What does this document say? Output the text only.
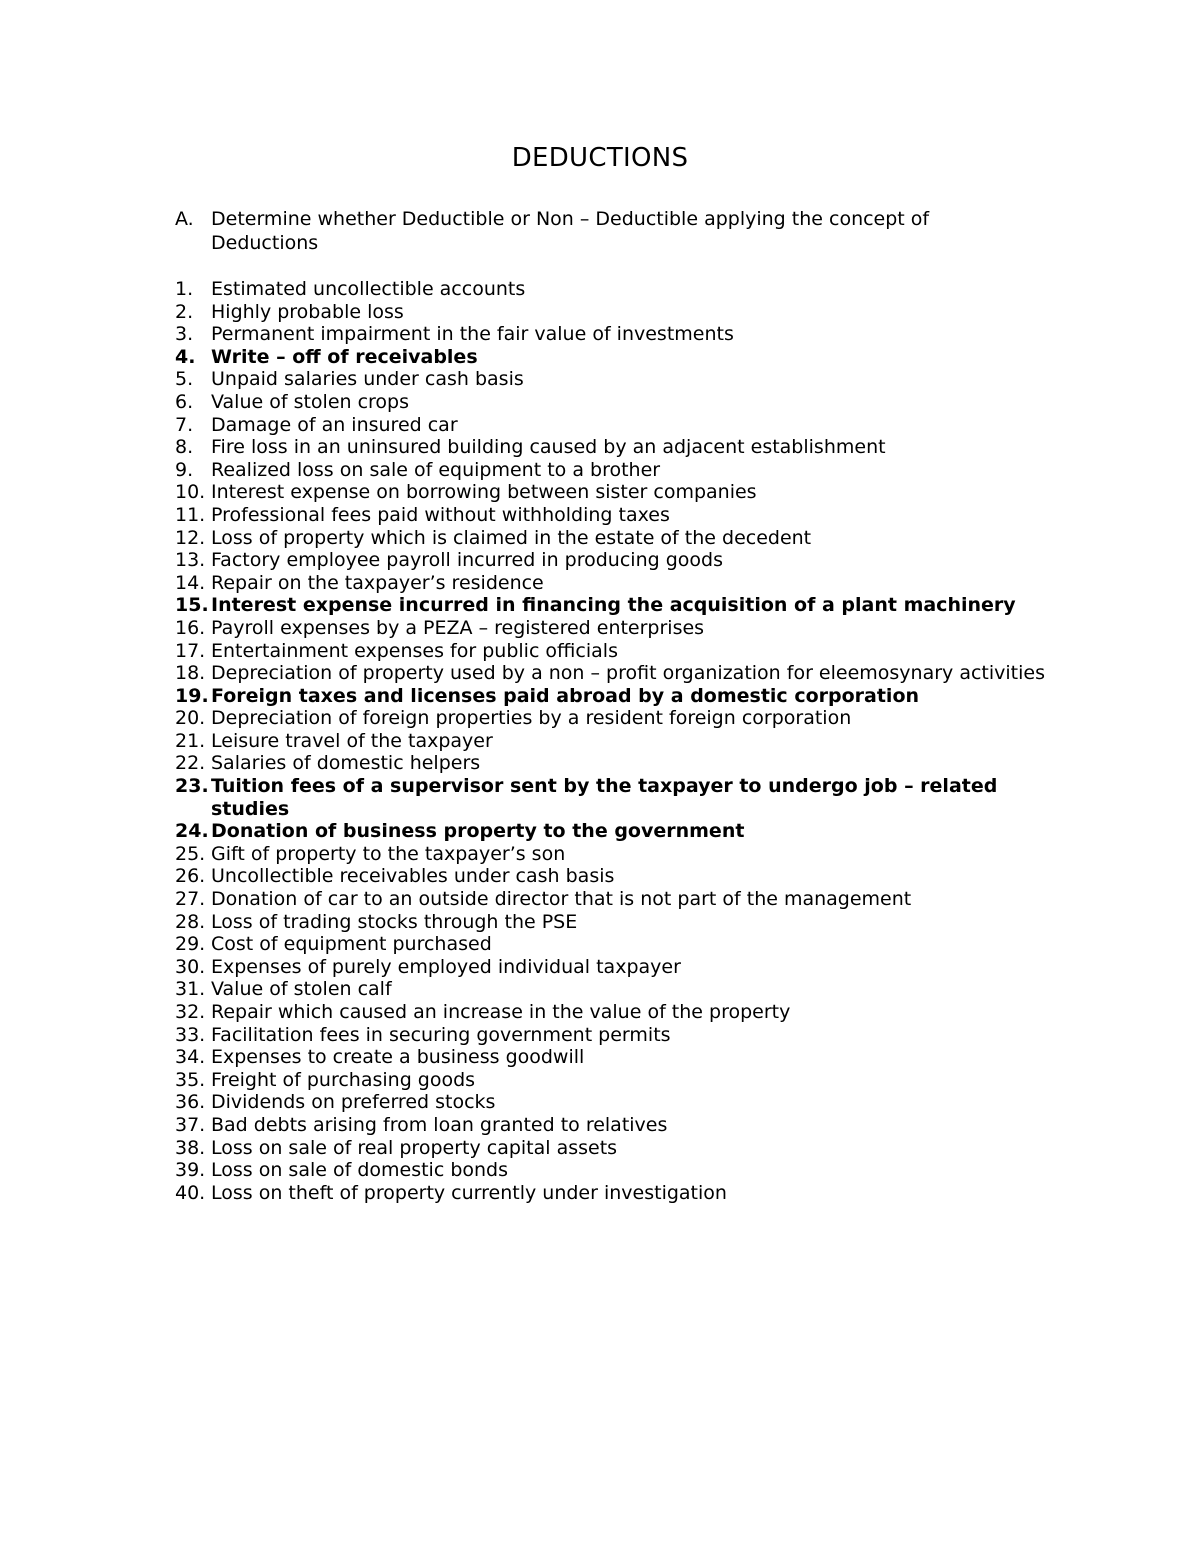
DEDUCTIONS
A. Determine whether Deductible or Non – Deductible applying the concept of Deductions
1. Estimated uncollectible accounts
2. Highly probable loss
3. Permanent impairment in the fair value of investments
4. Write – off of receivables
5. Unpaid salaries under cash basis
6. Value of stolen crops
7. Damage of an insured car
8. Fire loss in an uninsured building caused by an adjacent establishment
9. Realized loss on sale of equipment to a brother
10. Interest expense on borrowing between sister companies
11. Professional fees paid without withholding taxes
12. Loss of property which is claimed in the estate of the decedent
13. Factory employee payroll incurred in producing goods
14. Repair on the taxpayer’s residence
15. Interest expense incurred in financing the acquisition of a plant machinery
16. Payroll expenses by a PEZA – registered enterprises
17. Entertainment expenses for public officials
18. Depreciation of property used by a non – profit organization for eleemosynary activities
19. Foreign taxes and licenses paid abroad by a domestic corporation
20. Depreciation of foreign properties by a resident foreign corporation
21. Leisure travel of the taxpayer
22. Salaries of domestic helpers
23. Tuition fees of a supervisor sent by the taxpayer to undergo job – related studies
24. Donation of business property to the government
25. Gift of property to the taxpayer’s son
26. Uncollectible receivables under cash basis
27. Donation of car to an outside director that is not part of the management
28. Loss of trading stocks through the PSE
29. Cost of equipment purchased
30. Expenses of purely employed individual taxpayer
31. Value of stolen calf
32. Repair which caused an increase in the value of the property
33. Facilitation fees in securing government permits
34. Expenses to create a business goodwill
35. Freight of purchasing goods
36. Dividends on preferred stocks
37. Bad debts arising from loan granted to relatives
38. Loss on sale of real property capital assets
39. Loss on sale of domestic bonds
40. Loss on theft of property currently under investigation
